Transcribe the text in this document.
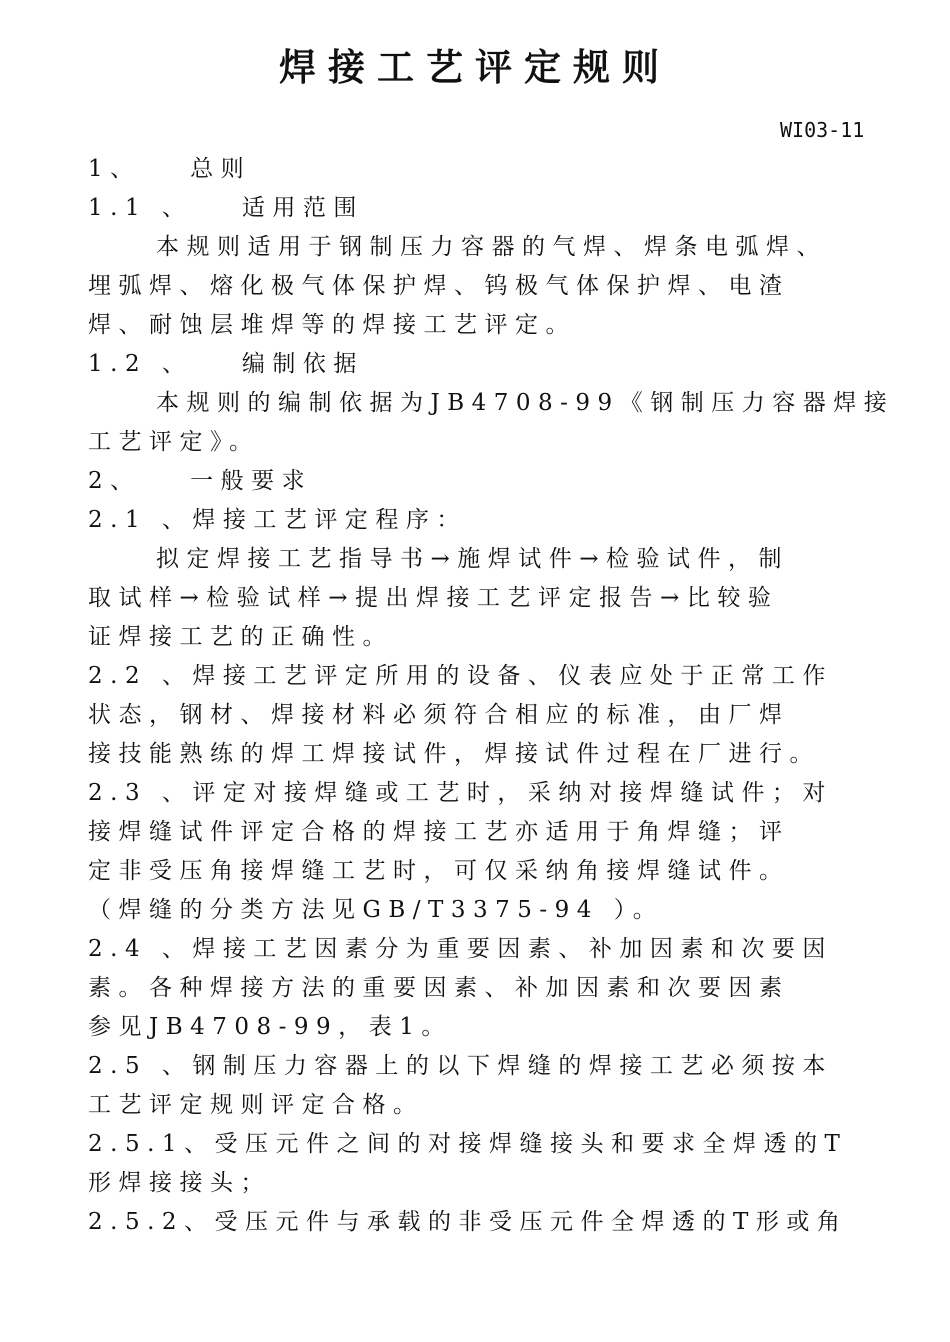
焊接工艺评定规则
WI03-11
1、　　总则
1.1 、　　适用范围
本规则适用于钢制压力容器的气焊、焊条电弧焊、
埋弧焊、熔化极气体保护焊、钨极气体保护焊、电渣
焊、耐蚀层堆焊等的焊接工艺评定。
1.2 、　　编制依据
本规则的编制依据为JB4708-99《钢制压力容器焊接
工艺评定》。
2、　　一般要求
2.1 、焊接工艺评定程序：
拟定焊接工艺指导书→施焊试件→检验试件，制
取试样→检验试样→提出焊接工艺评定报告→比较验
证焊接工艺的正确性。
2.2 、焊接工艺评定所用的设备、仪表应处于正常工作
状态，钢材、焊接材料必须符合相应的标准，由厂焊
接技能熟练的焊工焊接试件，焊接试件过程在厂进行。
2.3 、评定对接焊缝或工艺时，采纳对接焊缝试件；对
接焊缝试件评定合格的焊接工艺亦适用于角焊缝；评
定非受压角接焊缝工艺时，可仅采纳角接焊缝试件。
（焊缝的分类方法见GB/T3375-94 ）。
2.4 、焊接工艺因素分为重要因素、补加因素和次要因
素。各种焊接方法的重要因素、补加因素和次要因素
参见JB4708-99，表1。
2.5 、钢制压力容器上的以下焊缝的焊接工艺必须按本
工艺评定规则评定合格。
2.5.1、受压元件之间的对接焊缝接头和要求全焊透的T
形焊接接头；
2.5.2、受压元件与承载的非受压元件全焊透的T形或角
